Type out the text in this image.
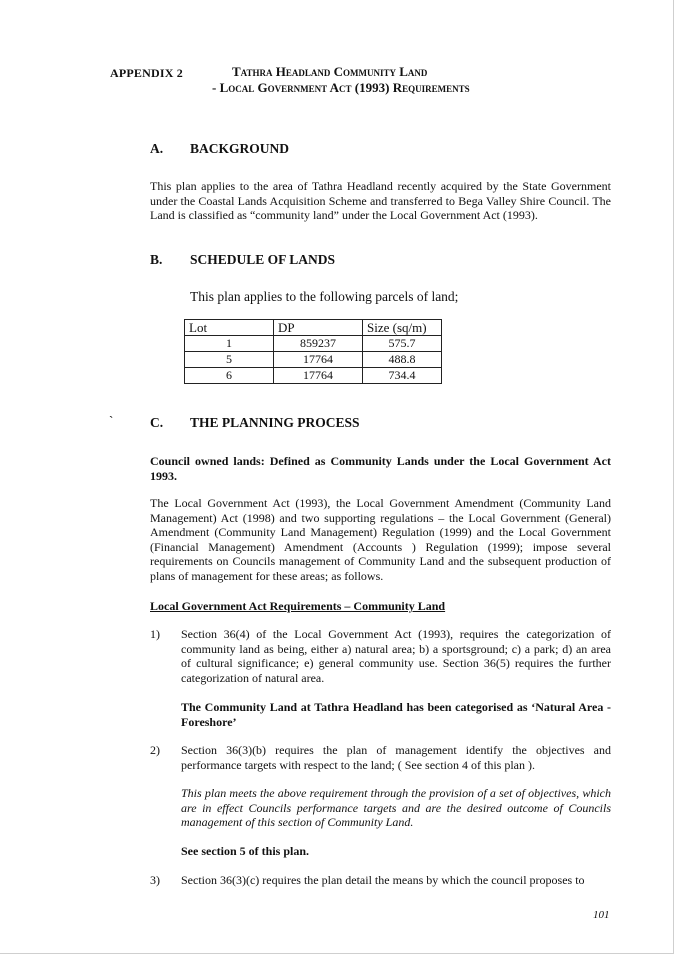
APPENDIX 2	Tathra Headland Community Land
- Local Government Act (1993) Requirements
A. BACKGROUND
This plan applies to the area of Tathra Headland recently acquired by the State Government under the Coastal Lands Acquisition Scheme and transferred to Bega Valley Shire Council. The Land is classified as “community land” under the Local Government Act (1993).
B. SCHEDULE OF LANDS
This plan applies to the following parcels of land;
Lot	DP	Size (sq/m)
1	859237	575.7
5	17764	488.8
6	17764	734.4
`	C. THE PLANNING PROCESS
Council owned lands: Defined as Community Lands under the Local Government Act 1993.
The Local Government Act (1993), the Local Government Amendment (Community Land Management) Act (1998) and two supporting regulations – the Local Government (General) Amendment (Community Land Management) Regulation (1999) and the Local Government (Financial Management) Amendment (Accounts ) Regulation (1999); impose several requirements on Councils management of Community Land and the subsequent production of plans of management for these areas; as follows.
Local Government Act Requirements – Community Land
1) Section 36(4) of the Local Government Act (1993), requires the categorization of community land as being, either a) natural area; b) a sportsground; c) a park; d) an area of cultural significance; e) general community use. Section 36(5) requires the further categorization of natural area.
The Community Land at Tathra Headland has been categorised as ‘Natural Area -Foreshore’
2) Section 36(3)(b) requires the plan of management identify the objectives and performance targets with respect to the land; ( See section 4 of this plan ).
This plan meets the above requirement through the provision of a set of objectives, which are in effect Councils performance targets and are the desired outcome of Councils management of this section of Community Land.
See section 5 of this plan.
3) Section 36(3)(c) requires the plan detail the means by which the council proposes to
101
